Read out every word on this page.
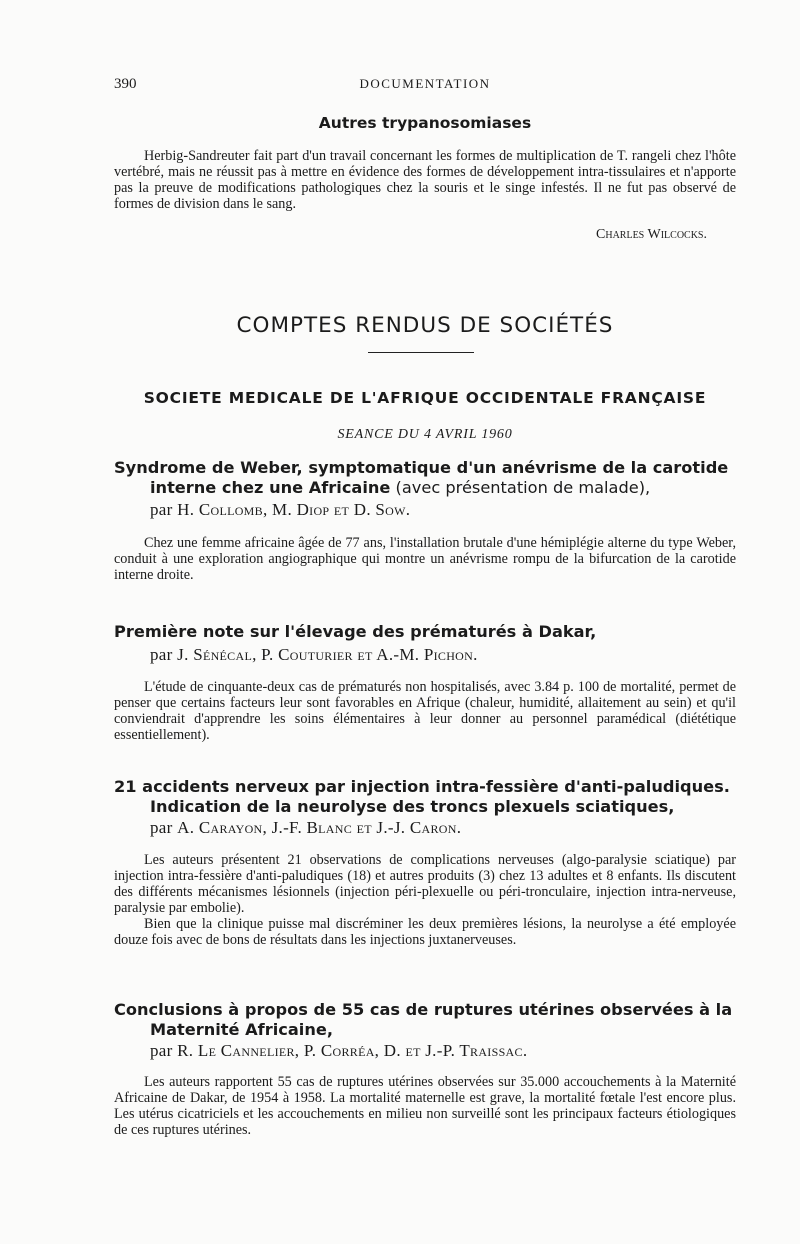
390	DOCUMENTATION
Autres trypanosomiases

Herbig-Sandreuter fait part d'un travail concernant les formes de multiplication de T. rangeli chez l'hôte vertébré, mais ne réussit pas à mettre en évidence des formes de développement intra-tissulaires et n'apporte pas la preuve de modifications pathologiques chez la souris et le singe infestés. Il ne fut pas observé de formes de division dans le sang.

Charles Wilcocks.
COMPTES RENDUS DE SOCIÉTÉS
SOCIETE MEDICALE DE L'AFRIQUE OCCIDENTALE FRANÇAISE
SEANCE DU 4 AVRIL 1960
Syndrome de Weber, symptomatique d'un anévrisme de la carotide
interne chez une Africaine (avec présentation de malade),
par H. Collomb, M. Diop et D. Sow.

Chez une femme africaine âgée de 77 ans, l'installation brutale d'une hémiplégie alterne du type Weber, conduit à une exploration angiographique qui montre un anévrisme rompu de la bifurcation de la carotide interne droite.

Première note sur l'élevage des prématurés à Dakar,
par J. Sénécal, P. Couturier et A.-M. Pichon.

L'étude de cinquante-deux cas de prématurés non hospitalisés, avec 3.84 p. 100 de mortalité, permet de penser que certains facteurs leur sont favorables en Afrique (chaleur, humidité, allaitement au sein) et qu'il conviendrait d'apprendre les soins élémentaires à leur donner au personnel paramédical (diététique essentiellement).

21 accidents nerveux par injection intra-fessière d'anti-paludiques.
Indication de la neurolyse des troncs plexuels sciatiques,
par A. Carayon, J.-F. Blanc et J.-J. Caron.

Les auteurs présentent 21 observations de complications nerveuses (algo-paralysie sciatique) par injection intra-fessière d'anti-paludiques (18) et autres produits (3) chez 13 adultes et 8 enfants. Ils discutent des différents mécanismes lésionnels (injection péri-plexuelle ou péri-tronculaire, injection intra-nerveuse, paralysie par embolie).

Bien que la clinique puisse mal discréminer les deux premières lésions, la neurolyse a été employée douze fois avec de bons de résultats dans les injections juxtanerveuses.

Conclusions à propos de 55 cas de ruptures utérines observées à la
Maternité Africaine,
par R. Le Cannelier, P. Corréa, D. et J.-P. Traissac.

Les auteurs rapportent 55 cas de ruptures utérines observées sur 35.000 accouchements à la Maternité Africaine de Dakar, de 1954 à 1958. La mortalité maternelle est grave, la mortalité fœtale l'est encore plus. Les utérus cicatriciels et les accouchements en milieu non surveillé sont les principaux facteurs étiologiques de ces ruptures utérines.
